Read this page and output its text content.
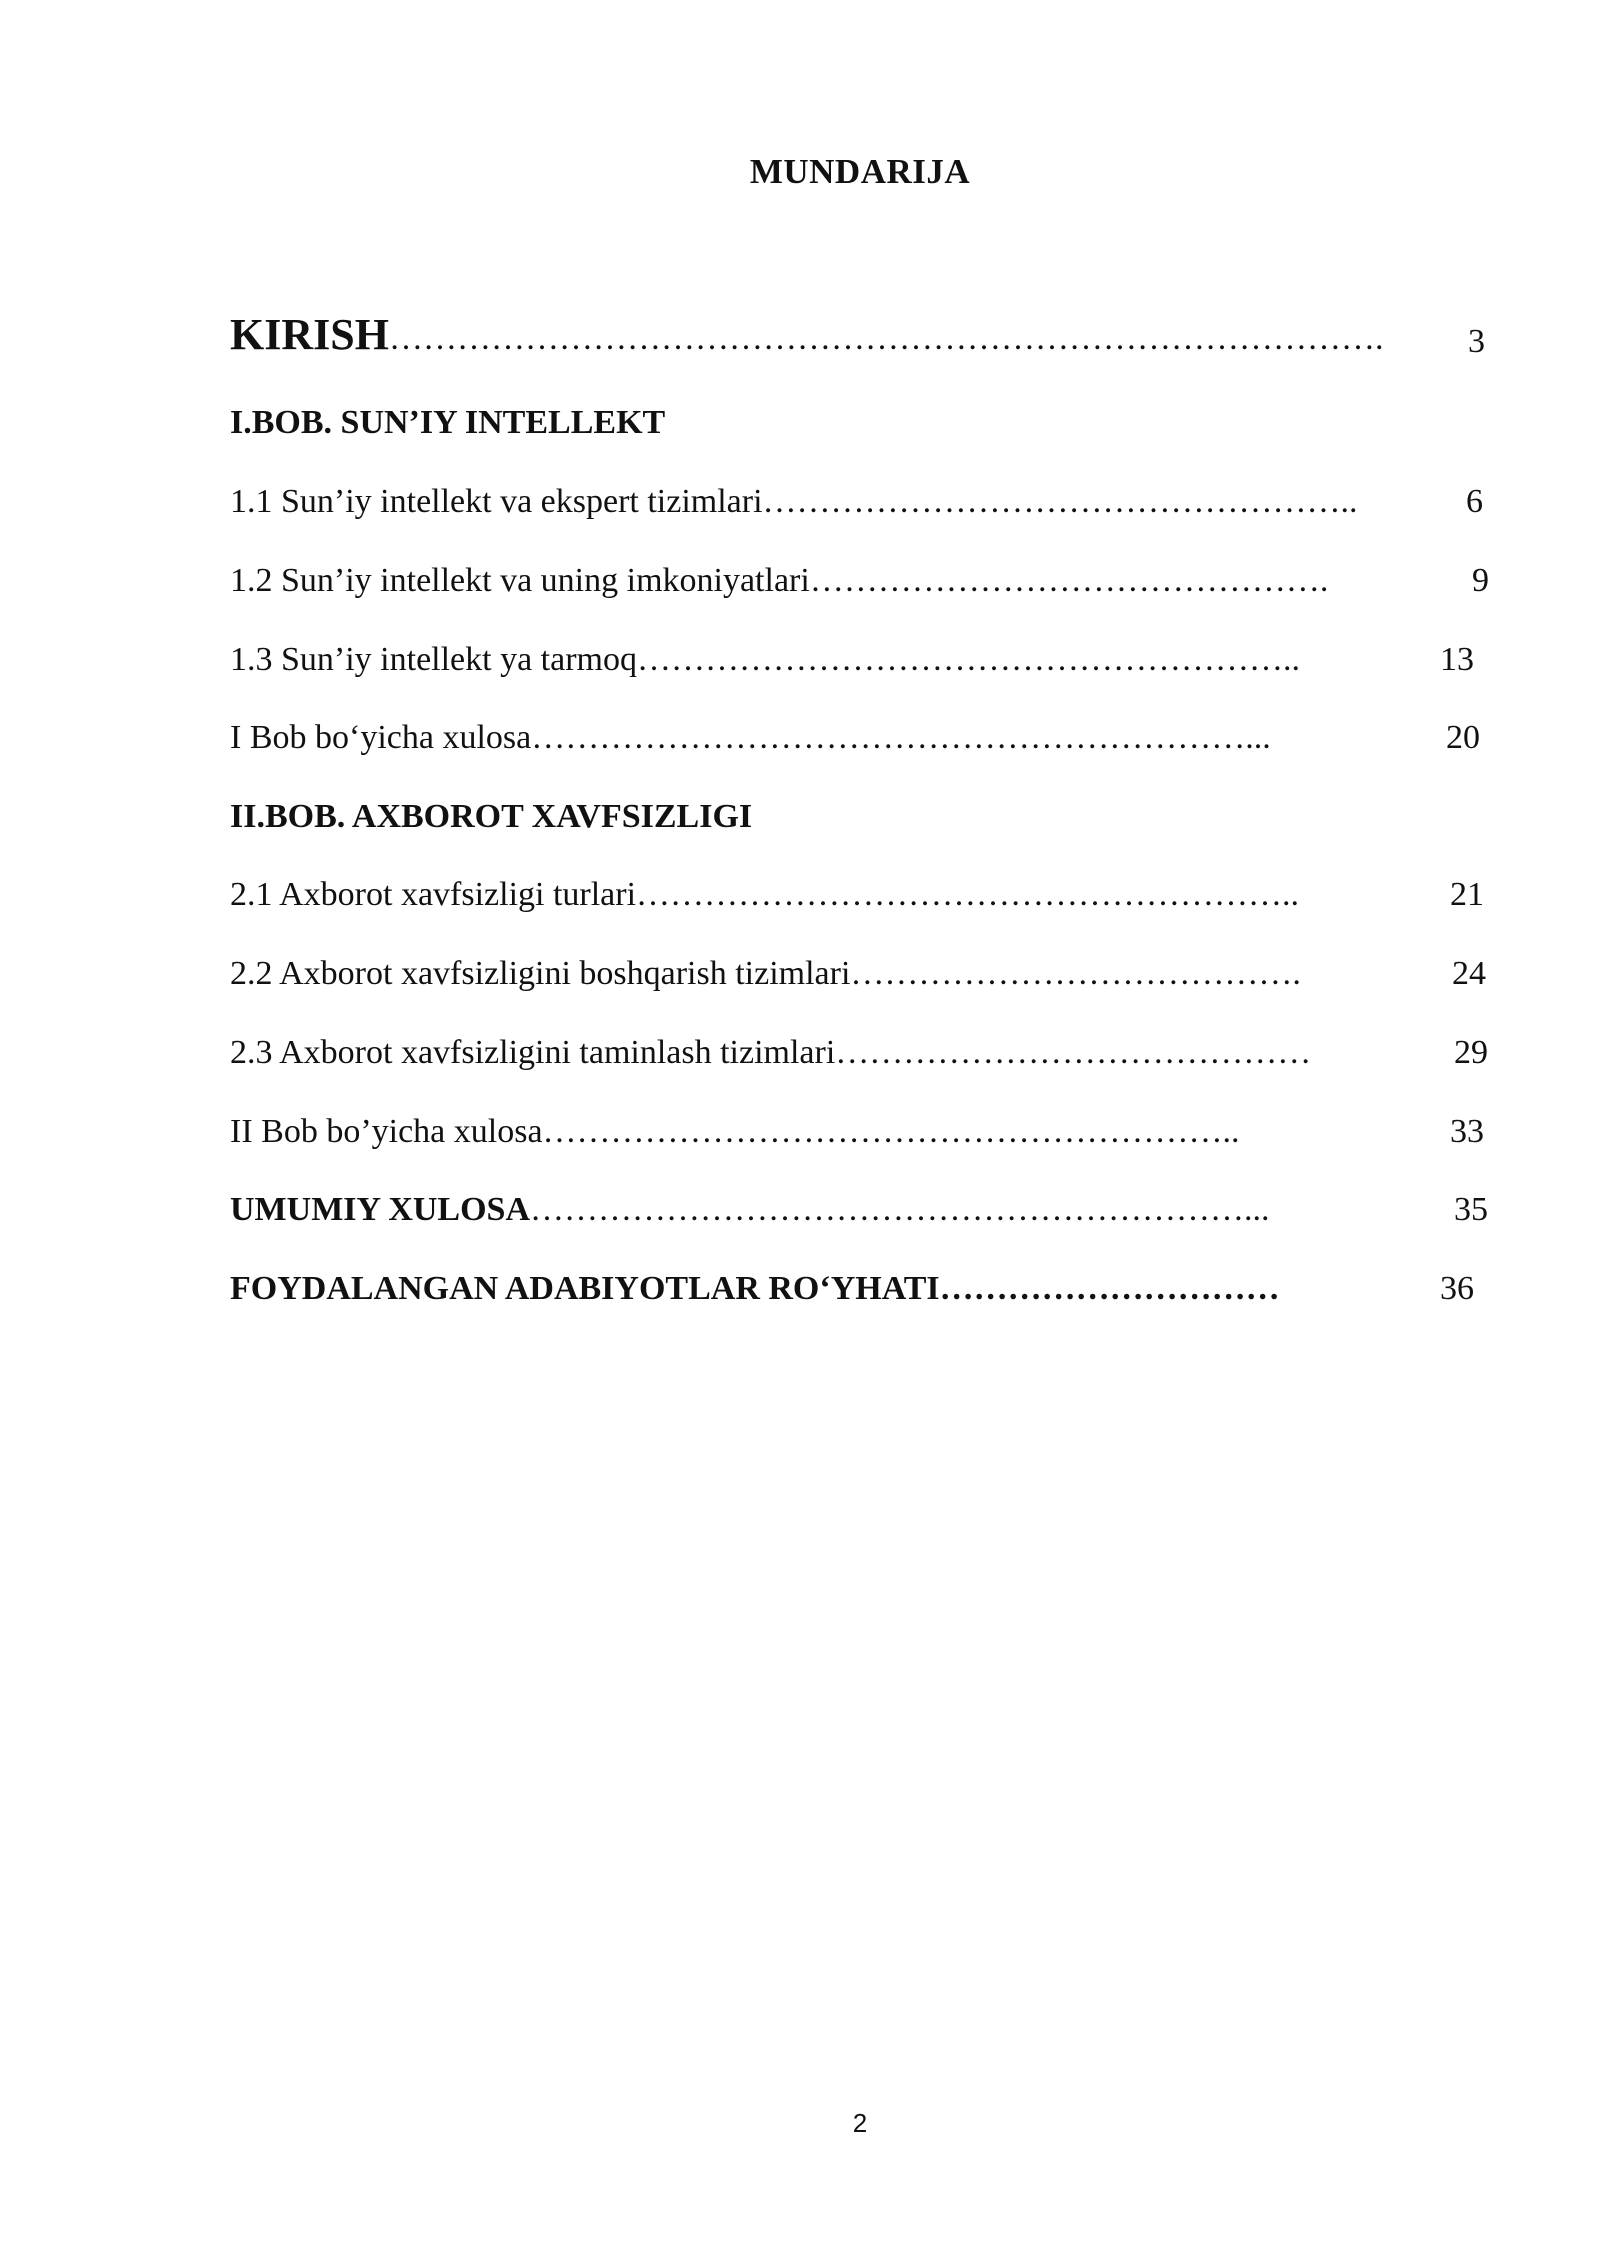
MUNDARIJA
KIRISH……………………………………………………………………………. 3
I.BOB. SUN’IY INTELLEKT
1.1 Sun’iy intellekt va ekspert tizimlari……………………………………………..	6
1.2 Sun’iy intellekt va uning imkoniyatlari……………………………………….	9
1.3 Sun’iy intellekt ya tarmoq…………………………………………………..	13
I Bob bo‘yicha xulosa………………………………………………………...	20
II.BOB. AXBOROT XAVFSIZLIGI
2.1 Axborot xavfsizligi turlari…………………………………………………..	21
2.2 Axborot xavfsizligini boshqarish tizimlari………………………………….	24
2.3 Axborot xavfsizligini taminlash tizimlari……………………………………	29
II Bob bo’yicha xulosa……………………………………………………..	33
UMUMIY XULOSA………………………………………………………...	35
FOYDALANGAN ADABIYOTLAR RO‘YHATI…………………………	36
2
